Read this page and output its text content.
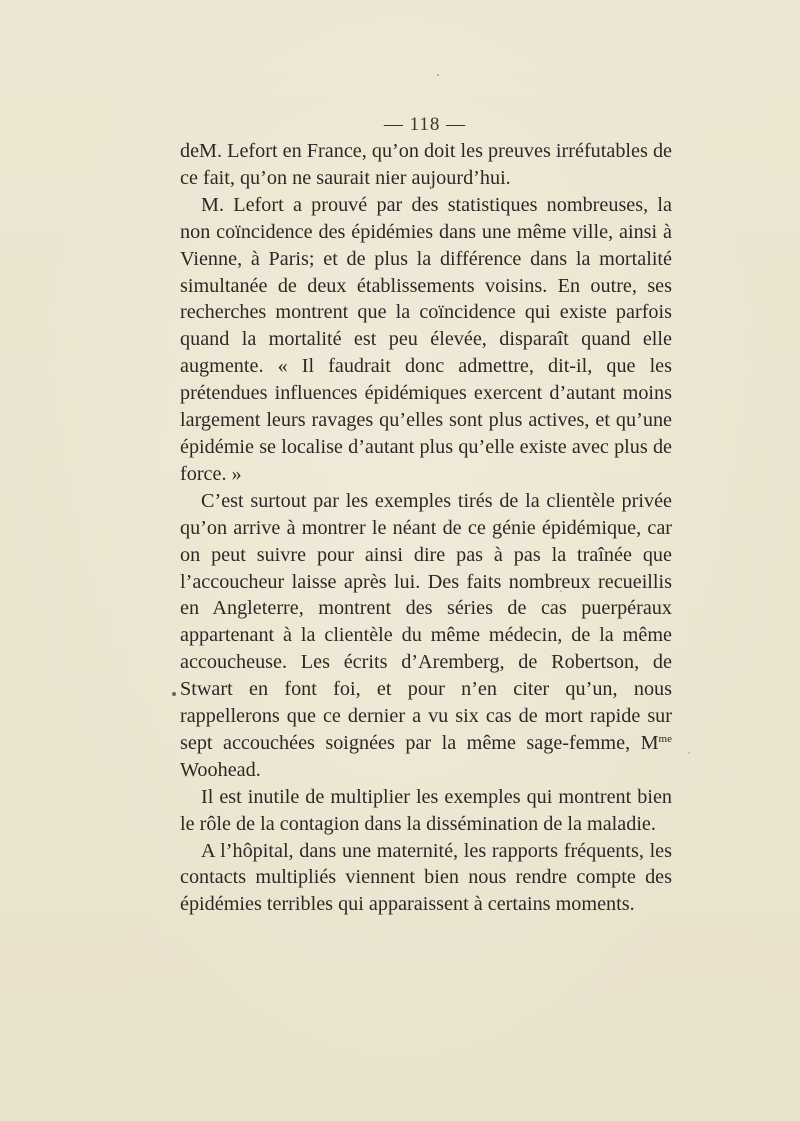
— 118 —

deM. Lefort en France, qu’on doit les preuves irréfutables de ce fait, qu’on ne saurait nier aujourd’hui.

M. Lefort a prouvé par des statistiques nombreuses, la non coïncidence des épidémies dans une même ville, ainsi à Vienne, à Paris; et de plus la différence dans la mortalité simultanée de deux établissements voisins. En outre, ses recherches montrent que la coïncidence qui existe parfois quand la mortalité est peu élevée, disparaît quand elle augmente. « Il faudrait donc admettre, dit-il, que les prétendues influences épidémiques exercent d’autant moins largement leurs ravages qu’elles sont plus actives, et qu’une épidémie se localise d’autant plus qu’elle existe avec plus de force. »

C’est surtout par les exemples tirés de la clientèle privée qu’on arrive à montrer le néant de ce génie épidémique, car on peut suivre pour ainsi dire pas à pas la traînée que l’accoucheur laisse après lui. Des faits nombreux recueillis en Angleterre, montrent des séries de cas puerpéraux appartenant à la clientèle du même médecin, de la même accoucheuse. Les écrits d’Aremberg, de Robertson, de Stwart en font foi, et pour n’en citer qu’un, nous rappellerons que ce dernier a vu six cas de mort rapide sur sept accouchées soignées par la même sage-femme, $M^{me}$ Woohead.

Il est inutile de multiplier les exemples qui montrent bien le rôle de la contagion dans la dissémination de la maladie.

A l’hôpital, dans une maternité, les rapports fréquents, les contacts multipliés viennent bien nous rendre compte des épidémies terribles qui apparaissent à certains moments.
